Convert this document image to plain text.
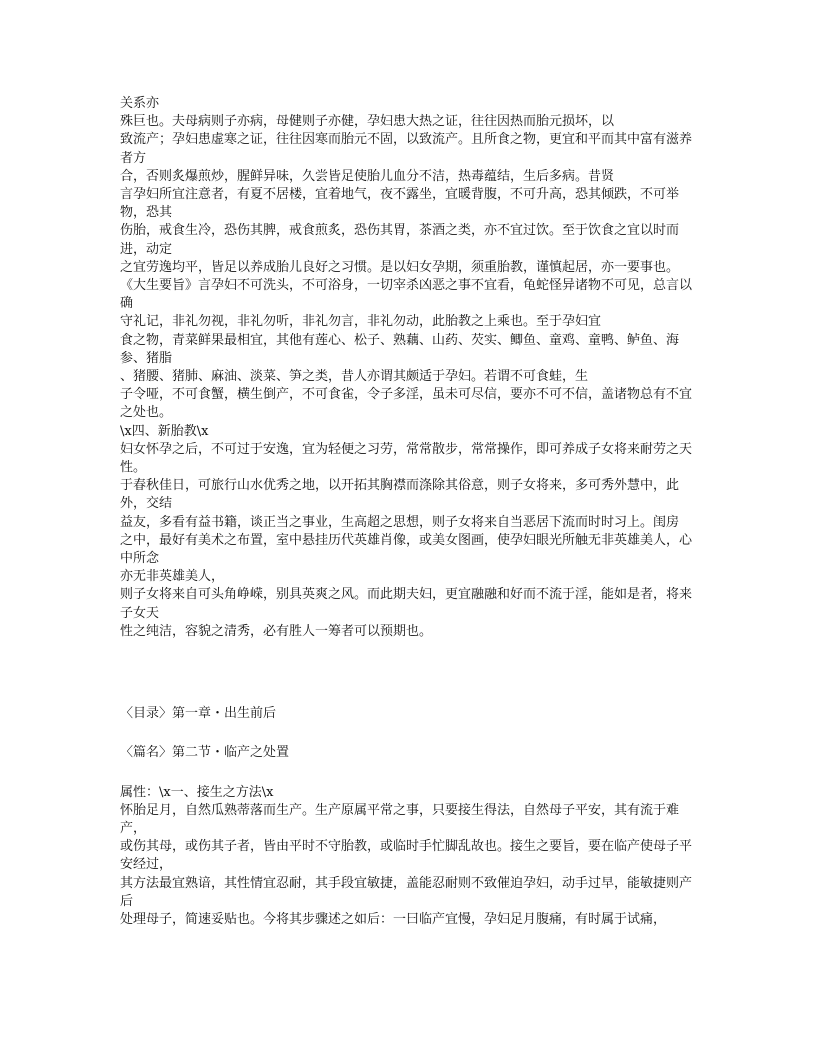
关系亦

殊巨也。夫母病则子亦病，母健则子亦健，孕妇患大热之证，往往因热而胎元损坏，以

致流产；孕妇患虚寒之证，往往因寒而胎元不固，以致流产。且所食之物，更宜和平而其中富有滋养者方

合，否则炙爆煎炒，腥鲜异味，久尝皆足使胎儿血分不洁，热毒蕴结，生后多病。昔贤

言孕妇所宜注意者，有夏不居楼，宜着地气，夜不露坐，宜暖背腹，不可升高，恐其倾跌，不可举物，恐其

伤胎，戒食生冷，恐伤其脾，戒食煎炙，恐伤其胃，茶酒之类，亦不宜过饮。至于饮食之宜以时而进，动定

之宜劳逸均平，皆足以养成胎儿良好之习惯。是以妇女孕期，须重胎教，谨慎起居，亦一要事也。

《大生要旨》言孕妇不可洗头，不可浴身，一切宰杀凶恶之事不宜看，龟蛇怪异诸物不可见，总言以确

守礼记，非礼勿视，非礼勿听，非礼勿言，非礼勿动，此胎教之上乘也。至于孕妇宜

食之物，青菜鲜果最相宜，其他有莲心、松子、熟藕、山药、芡实、鲫鱼、童鸡、童鸭、鲈鱼、海参、猪脂

、猪腰、猪肺、麻油、淡菜、笋之类，昔人亦谓其颇适于孕妇。若谓不可食蛙，生

子令哑，不可食蟹，横生倒产，不可食雀，令子多淫，虽未可尽信，要亦不可不信，盖诸物总有不宜之处也。

\x四、新胎教\x

妇女怀孕之后，不可过于安逸，宜为轻便之习劳，常常散步，常常操作，即可养成子女将来耐劳之天性。

于春秋佳日，可旅行山水优秀之地，以开拓其胸襟而涤除其俗意，则子女将来，多可秀外慧中，此外，交结

益友，多看有益书籍，谈正当之事业，生高超之思想，则子女将来自当恶居下流而时时习上。闺房

之中，最好有美术之布置，室中悬挂历代英雄肖像，或美女图画，使孕妇眼光所触无非英雄美人，心中所念

亦无非英雄美人，

则子女将来自可头角峥嵘，别具英爽之风。而此期夫妇，更宜融融和好而不流于淫，能如是者，将来子女天

性之纯洁，容貌之清秀，必有胜人一筹者可以预期也。

〈目录〉第一章・出生前后

〈篇名〉第二节・临产之处置

属性：\x一、接生之方法\x

怀胎足月，自然瓜熟蒂落而生产。生产原属平常之事，只要接生得法，自然母子平安，其有流于难产，

或伤其母，或伤其子者，皆由平时不守胎教，或临时手忙脚乱故也。接生之要旨，要在临产使母子平安经过，

其方法最宜熟谙，其性情宜忍耐，其手段宜敏捷，盖能忍耐则不致催迫孕妇，动手过早，能敏捷则产后

处理母子，简速妥贴也。今将其步骤述之如后：一曰临产宜慢，孕妇足月腹痛，有时属于试痛，
